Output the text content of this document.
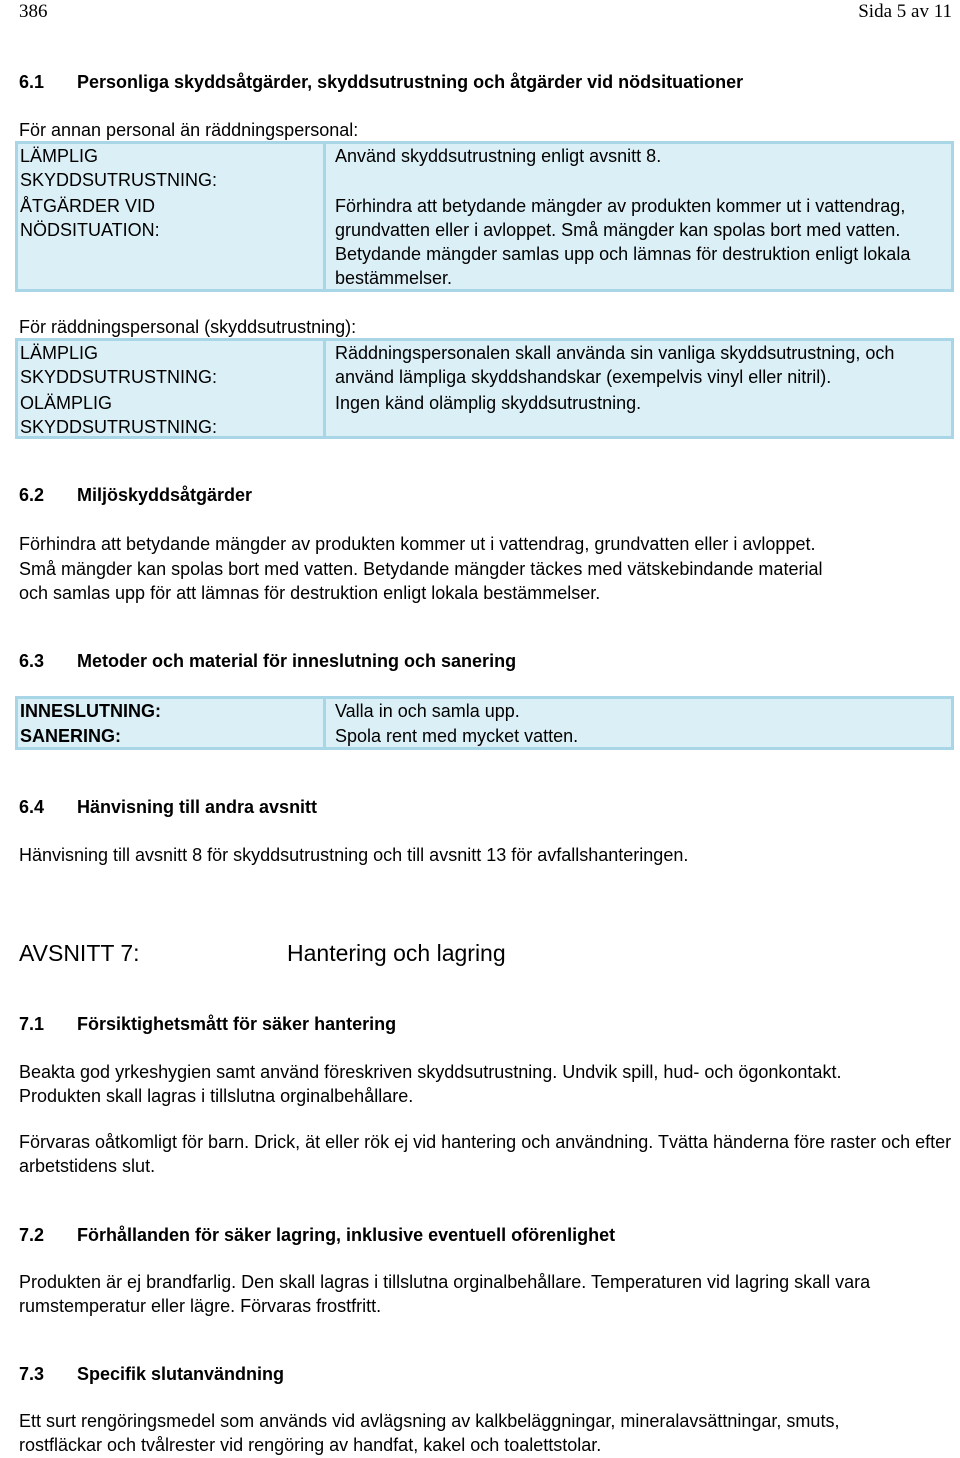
386	Sida 5 av 11
6.1 Personliga skyddsåtgärder, skyddsutrustning och åtgärder vid nödsituationer
För annan personal än räddningspersonal:
LÄMPLIG SKYDDSUTRUSTNING:
ÅTGÄRDER VID NÖDSITUATION:
Använd skyddsutrustning enligt avsnitt 8.
Förhindra att betydande mängder av produkten kommer ut i vattendrag, grundvatten eller i avloppet. Små mängder kan spolas bort med vatten. Betydande mängder samlas upp och lämnas för destruktion enligt lokala bestämmelser.
För räddningspersonal (skyddsutrustning):
LÄMPLIG SKYDDSUTRUSTNING:
OLÄMPLIG SKYDDSUTRUSTNING:
Räddningspersonalen skall använda sin vanliga skyddsutrustning, och använd lämpliga skyddshandskar (exempelvis vinyl eller nitril).
Ingen känd olämplig skyddsutrustning.
6.2 Miljöskyddsåtgärder
Förhindra att betydande mängder av produkten kommer ut i vattendrag, grundvatten eller i avloppet. Små mängder kan spolas bort med vatten. Betydande mängder täckes med vätskebindande material och samlas upp för att lämnas för destruktion enligt lokala bestämmelser.
6.3 Metoder och material för inneslutning och sanering
INNESLUTNING:
SANERING:
Valla in och samla upp.
Spola rent med mycket vatten.
6.4 Hänvisning till andra avsnitt
Hänvisning till avsnitt 8 för skyddsutrustning och till avsnitt 13 för avfallshanteringen.
AVSNITT 7:	Hantering och lagring
7.1 Försiktighetsmått för säker hantering
Beakta god yrkeshygien samt använd föreskriven skyddsutrustning. Undvik spill, hud- och ögonkontakt. Produkten skall lagras i tillslutna orginalbehållare.
Förvaras oåtkomligt för barn. Drick, ät eller rök ej vid hantering och användning. Tvätta händerna före raster och efter arbetstidens slut.
7.2 Förhållanden för säker lagring, inklusive eventuell oförenlighet
Produkten är ej brandfarlig. Den skall lagras i tillslutna orginalbehållare. Temperaturen vid lagring skall vara rumstemperatur eller lägre. Förvaras frostfritt.
7.3 Specifik slutanvändning
Ett surt rengöringsmedel som används vid avlägsning av kalkbeläggningar, mineralavsättningar, smuts, rostfläckar och tvålrester vid rengöring av handfat, kakel och toalettstolar.
